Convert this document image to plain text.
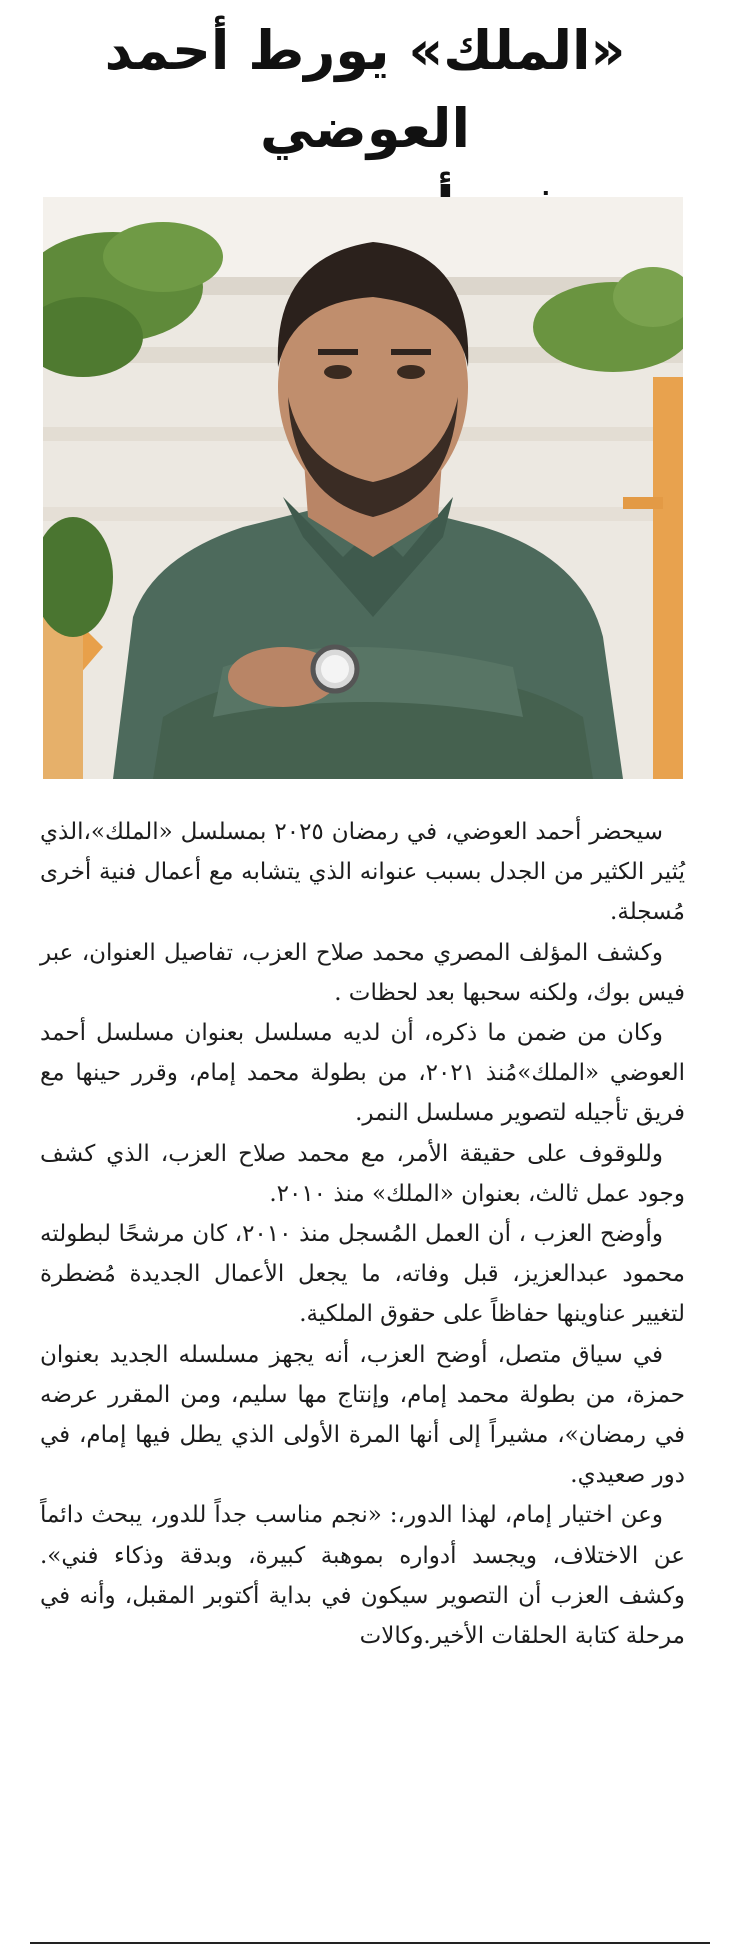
«الملك» يورط أحمد العوضي

سيحضر أحمد العوضي، في رمضان ٢٠٢٥ بمسلسل «الملك»،الذي يُثير الكثير من الجدل بسبب عنوانه الذي يتشابه مع أعمال فنية أخرى مُسجلة.

وكشف المؤلف المصري محمد صلاح العزب، تفاصيل العنوان، عبر فيس بوك، ولكنه سحبها بعد لحظات .

وكان من ضمن ما ذكره، أن لديه مسلسل بعنوان مسلسل أحمد العوضي «الملك»مُنذ ٢٠٢١، من بطولة محمد إمام، وقرر حينها مع فريق تأجيله لتصوير مسلسل النمر.

وللوقوف على حقيقة الأمر، مع محمد صلاح العزب، الذي كشف وجود عمل ثالث، بعنوان «الملك» منذ ٢٠١٠.

وأوضح العزب ، أن العمل المُسجل منذ ٢٠١٠، كان مرشحًا لبطولته محمود عبدالعزيز، قبل وفاته، ما يجعل الأعمال الجديدة مُضطرة لتغيير عناوينها حفاظاً على حقوق الملكية.

في سياق متصل، أوضح العزب، أنه يجهز مسلسله الجديد بعنوان حمزة، من بطولة محمد إمام، وإنتاج مها سليم، ومن المقرر عرضه في رمضان»، مشيراً إلى أنها المرة الأولى الذي يطل فيها إمام، في دور صعيدي.

وعن اختيار إمام، لهذا الدور،: «نجم مناسب جداً للدور، يبحث دائماً عن الاختلاف، ويجسد أدواره بموهبة كبيرة، وبدقة وذكاء فني». وكشف العزب أن التصوير سيكون في بداية أكتوبر المقبل، وأنه في مرحلة كتابة الحلقات الأخير.وكالات
